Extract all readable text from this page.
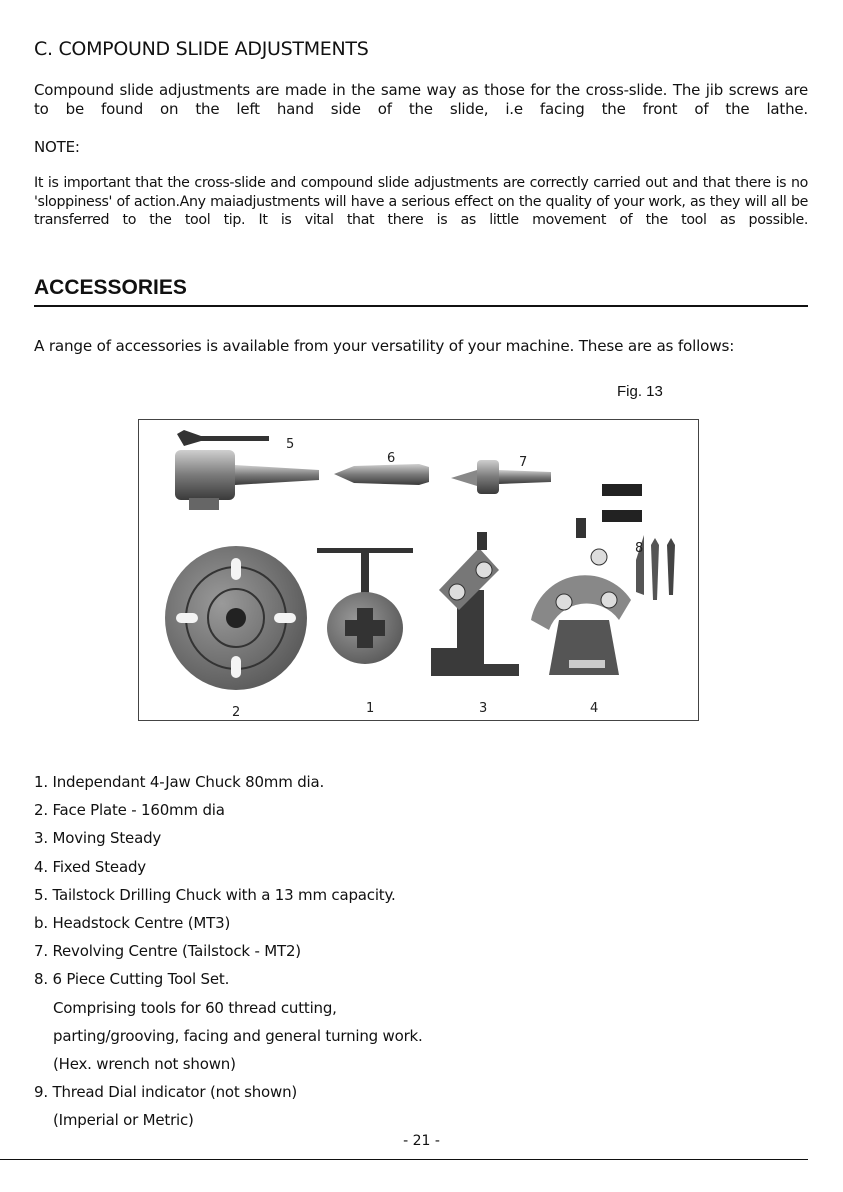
C. COMPOUND SLIDE ADJUSTMENTS
Compound slide adjustments are made in the same way as those for the cross-slide. The jib screws are to be found on the left hand side of the slide, i.e facing the front of the lathe.
NOTE:
It is important that the cross-slide and compound slide adjustments are correctly carried out and that there is no 'sloppiness' of action.Any maiadjustments will have a serious effect on the quality of your work, as they will all be transferred to the tool tip. It is vital that there is as little movement of the tool as possible.
ACCESSORIES
A range of accessories is available from your versatility of your machine. These are as follows:
Fig. 13
5
6	7
8
2	1	3	4
1. Independant 4-Jaw Chuck 80mm dia.
2. Face Plate - 160mm dia
3. Moving Steady
4. Fixed Steady
5. Tailstock Drilling Chuck with a 13 mm capacity.
b. Headstock Centre (MT3)
7. Revolving Centre (Tailstock - MT2)
8. 6 Piece Cutting Tool Set.
Comprising tools for 60 thread cutting,
parting/grooving, facing and general turning work.
(Hex. wrench not shown)
9. Thread Dial indicator (not shown)
(Imperial or Metric)
- 21 -
